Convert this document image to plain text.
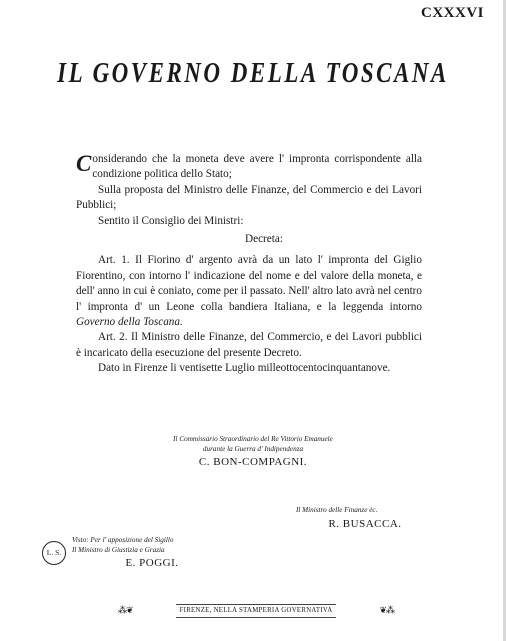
CXXXVI
IL GOVERNO DELLA TOSCANA

Considerando che la moneta deve avere l' impronta corrispondente alla condizione politica dello Stato;

Sulla proposta del Ministro delle Finanze, del Commercio e dei Lavori Pubblici;

Sentito il Consiglio dei Ministri:

Decreta:

Art. 1. Il Fiorino d' argento avrà da un lato l' impronta del Giglio Fiorentino, con intorno l' indicazione del nome e del valore della moneta, e dell' anno in cui è coniato, come per il passato. Nell' altro lato avrà nel centro l' impronta d' un Leone colla bandiera Italiana, e la leggenda intorno Governo della Toscana.

Art. 2. Il Ministro delle Finanze, del Commercio, e dei Lavori pubblici è incaricato della esecuzione del presente Decreto.

Dato in Firenze li ventisette Luglio milleottocentocinquantanove.

Il Commissario Straordinario del Re Vittorio Emanuele
durante la Guerra d' Indipendenza
C. BON-COMPAGNI.
Il Ministro delle Finanze èc.
R. BUSACCA.
L. S.
Visto: Per l' apposizione del Sigillo
Il Ministro di Giustizia e Grazia
E. POGGI.
⁂❦	FIRENZE, NELLA STAMPERIA GOVERNATIVA	❦⁂
